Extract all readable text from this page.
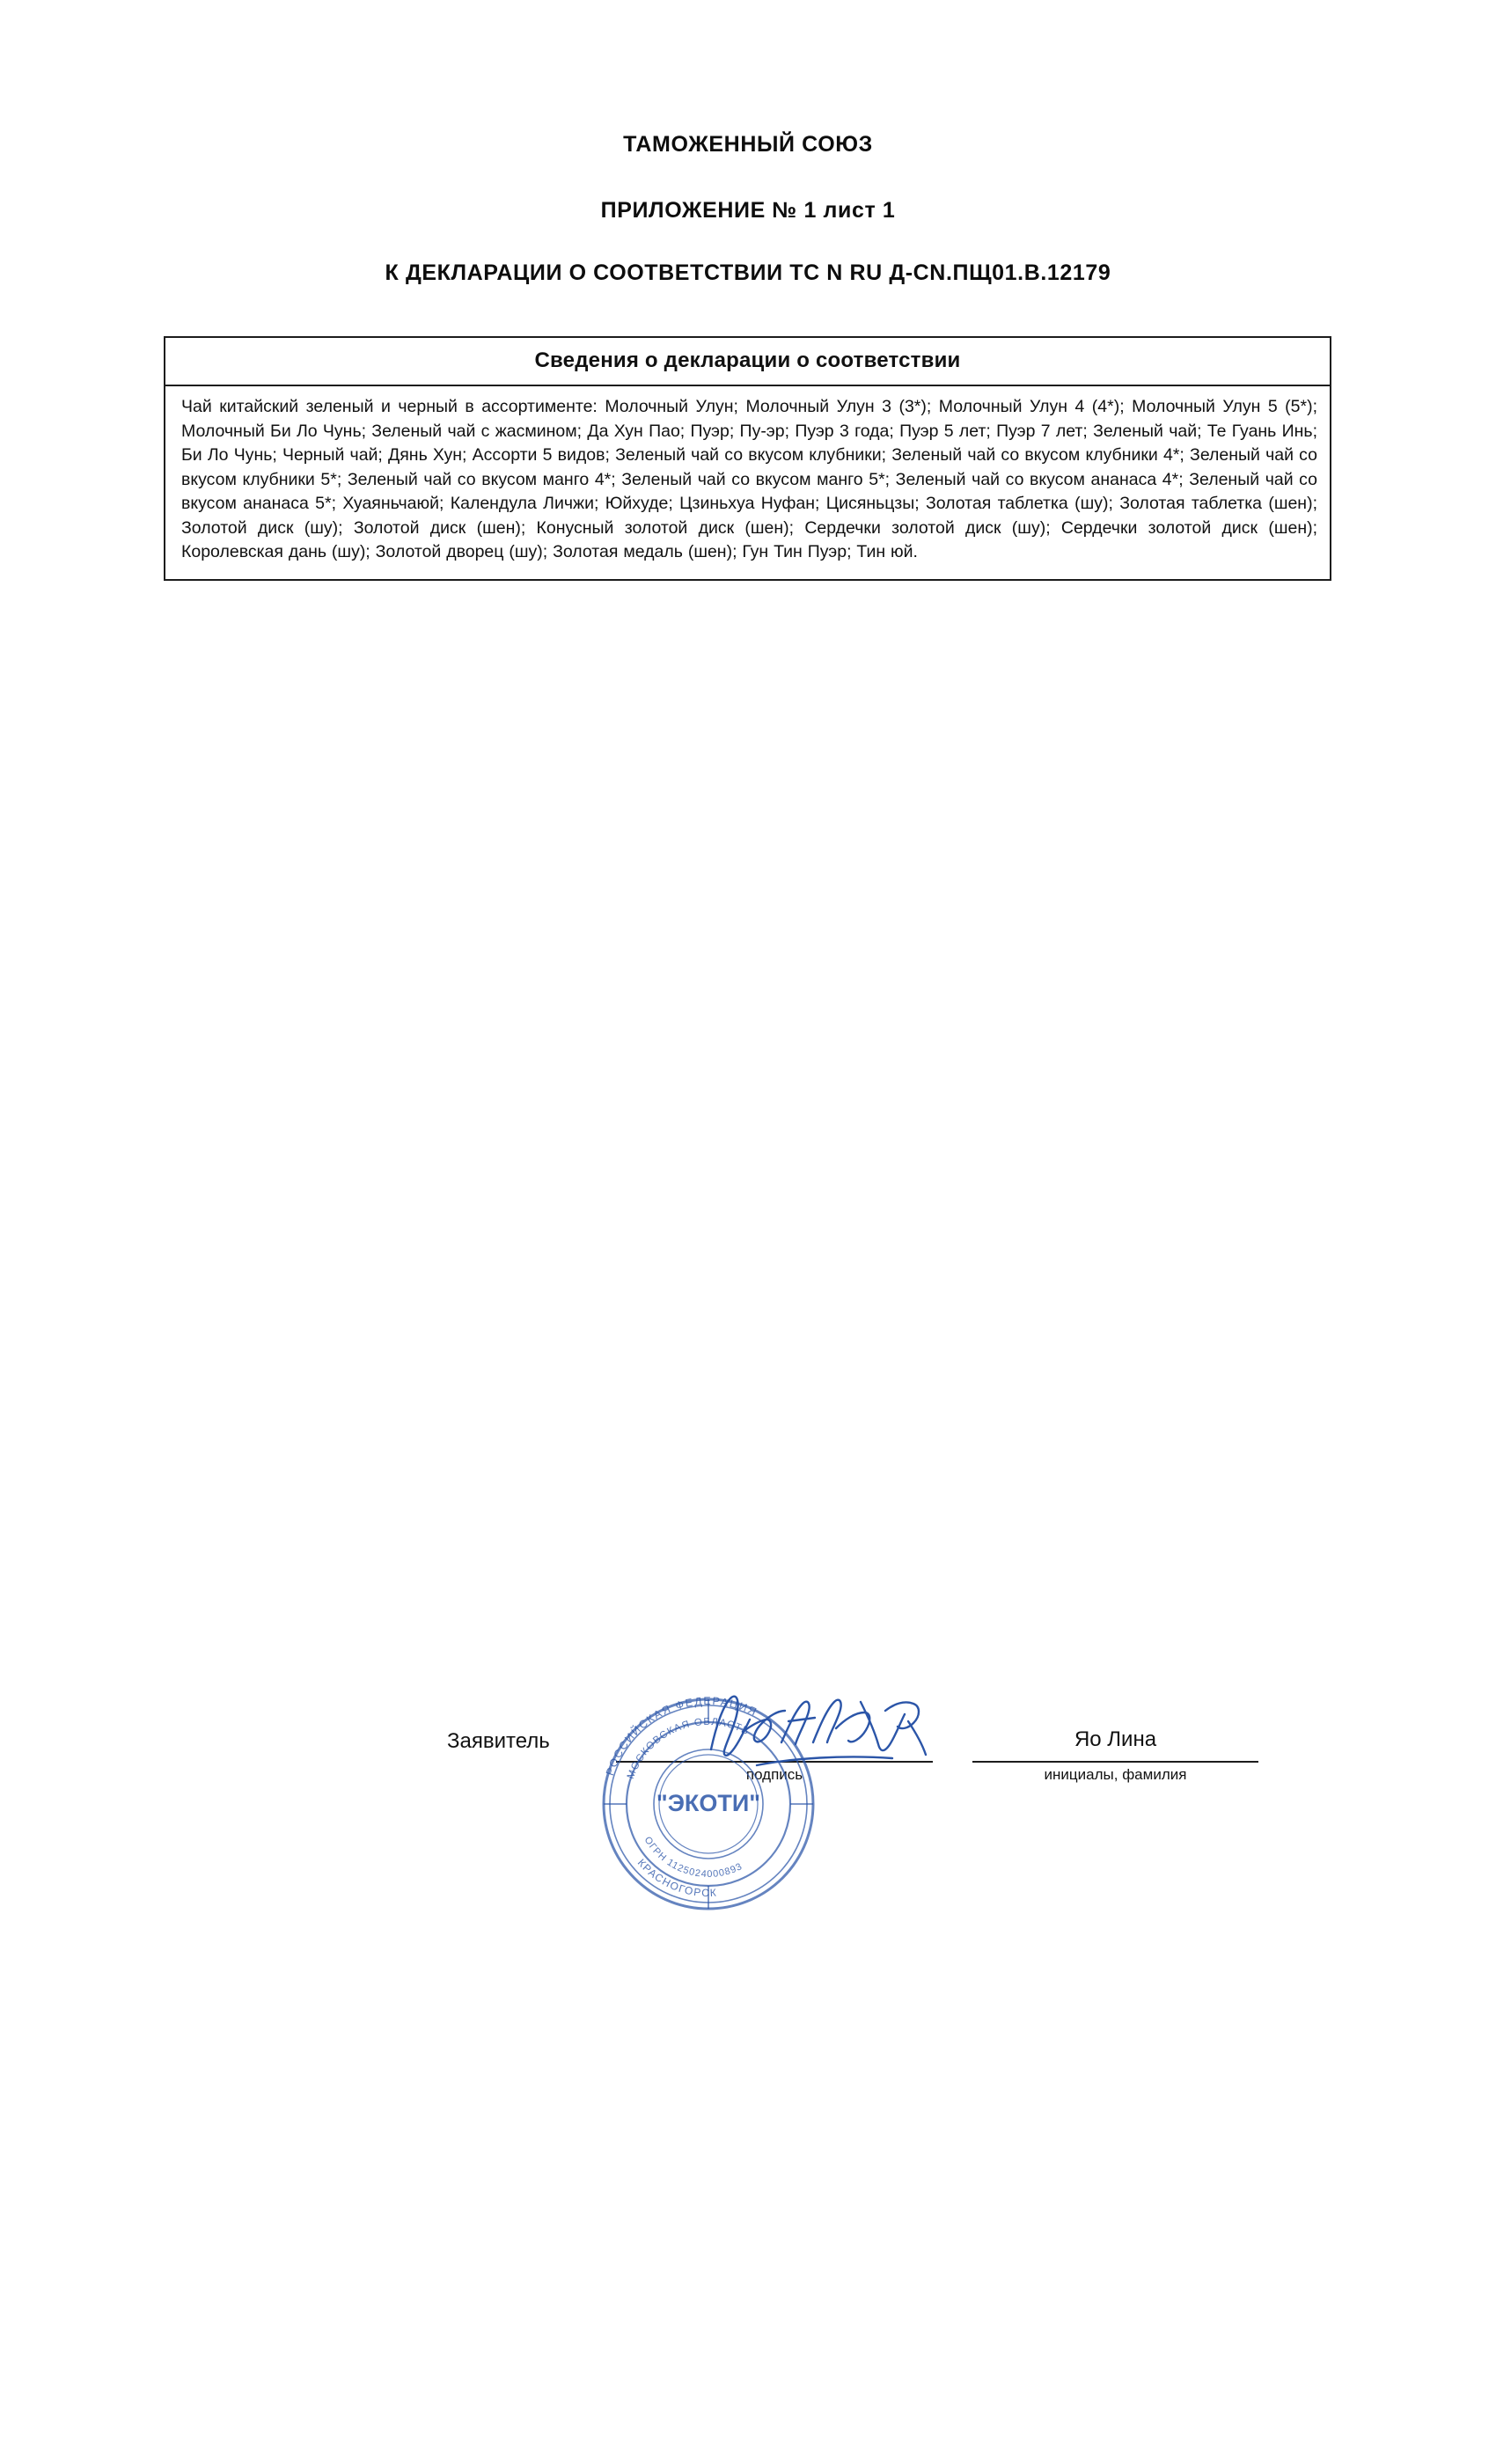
ТАМОЖЕННЫЙ СОЮЗ
ПРИЛОЖЕНИЕ № 1 лист 1
К ДЕКЛАРАЦИИ О СООТВЕТСТВИИ ТС N RU Д-CN.ПЩ01.В.12179
Сведения о декларации о соответствии
Чай китайский зеленый и черный в ассортименте: Молочный Улун; Молочный Улун 3 (3*); Молочный Улун 4 (4*); Молочный Улун 5 (5*); Молочный Би Ло Чунь; Зеленый чай с жасмином; Да Хун Пао; Пуэр; Пу-эр; Пуэр 3 года; Пуэр 5 лет; Пуэр 7 лет; Зеленый чай; Те Гуань Инь; Би Ло Чунь; Черный чай; Дянь Хун; Ассорти 5 видов; Зеленый чай со вкусом клубники; Зеленый чай со вкусом клубники 4*; Зеленый чай со вкусом клубники 5*; Зеленый чай со вкусом манго 4*; Зеленый чай со вкусом манго 5*; Зеленый чай со вкусом ананаса 4*; Зеленый чай со вкусом ананаса 5*; Хуаяньчаюй; Календула Личжи; Юйхуде; Цзиньхуа Нуфан; Цисяньцзы; Золотая таблетка (шу); Золотая таблетка (шен); Золотой диск (шу); Золотой диск (шен); Конусный золотой диск (шен); Сердечки золотой диск (шу); Сердечки золотой диск (шен); Королевская дань (шу); Золотой дворец (шу); Золотая медаль (шен); Гун Тин Пуэр; Тин юй.
Заявитель
подпись
Яо Лина
инициалы, фамилия
РОССИЙСКАЯ ФЕДЕРАЦИЯ
КРАСНОГОРСК
МОСКОВСКАЯ ОБЛАСТЬ
ОГРН 1125024000893
"ЭКОТИ"
